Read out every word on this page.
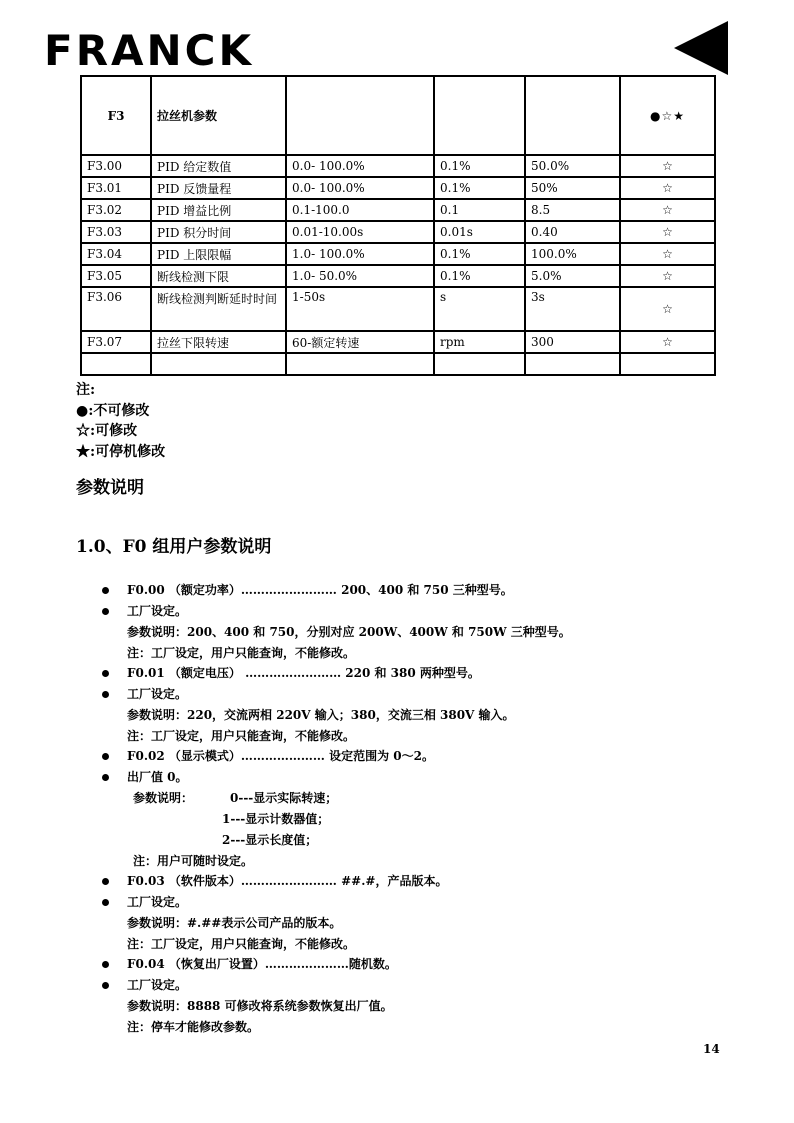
FRANCK
F3	拉丝机参数				●☆★
F3.00	PID 给定数值	0.0- 100.0%	0.1%	50.0%	☆
F3.01	PID 反馈量程	0.0- 100.0%	0.1%	50%	☆
F3.02	PID 增益比例	0.1-100.0	0.1	8.5	☆
F3.03	PID 积分时间	0.01-10.00s	0.01s	0.40	☆
F3.04	PID 上限限幅	1.0- 100.0%	0.1%	100.0%	☆
F3.05	断线检测下限	1.0- 50.0%	0.1%	5.0%	☆
F3.06	断线检测判断延时时间	1-50s	s	3s	☆
F3.07	拉丝下限转速	60-额定转速	rpm	300	☆

注:
●:不可修改
☆:可修改
★:可停机修改
参数说明
1.0、F0 组用户参数说明
F0.00 （额定功率）…………………… 200、400 和 750 三种型号。
工厂设定。
参数说明：200、400 和 750，分别对应 200W、400W 和 750W 三种型号。
注：工厂设定，用户只能查询，不能修改。
F0.01 （额定电压） …………………… 220 和 380 两种型号。
工厂设定。
参数说明：220，交流两相 220V 输入；380，交流三相 380V 输入。
注：工厂设定，用户只能查询，不能修改。
F0.02 （显示模式）………………… 设定范围为 0～2。
出厂值 0。
参数说明：	0---显示实际转速；
1---显示计数器值；
2---显示长度值；
注：用户可随时设定。
F0.03 （软件版本）…………………… ##.#，产品版本。
工厂设定。
参数说明：#.##表示公司产品的版本。
注：工厂设定，用户只能查询，不能修改。
F0.04 （恢复出厂设置）…………………随机数。
工厂设定。
参数说明：8888 可修改将系统参数恢复出厂值。
注：停车才能修改参数。
14
